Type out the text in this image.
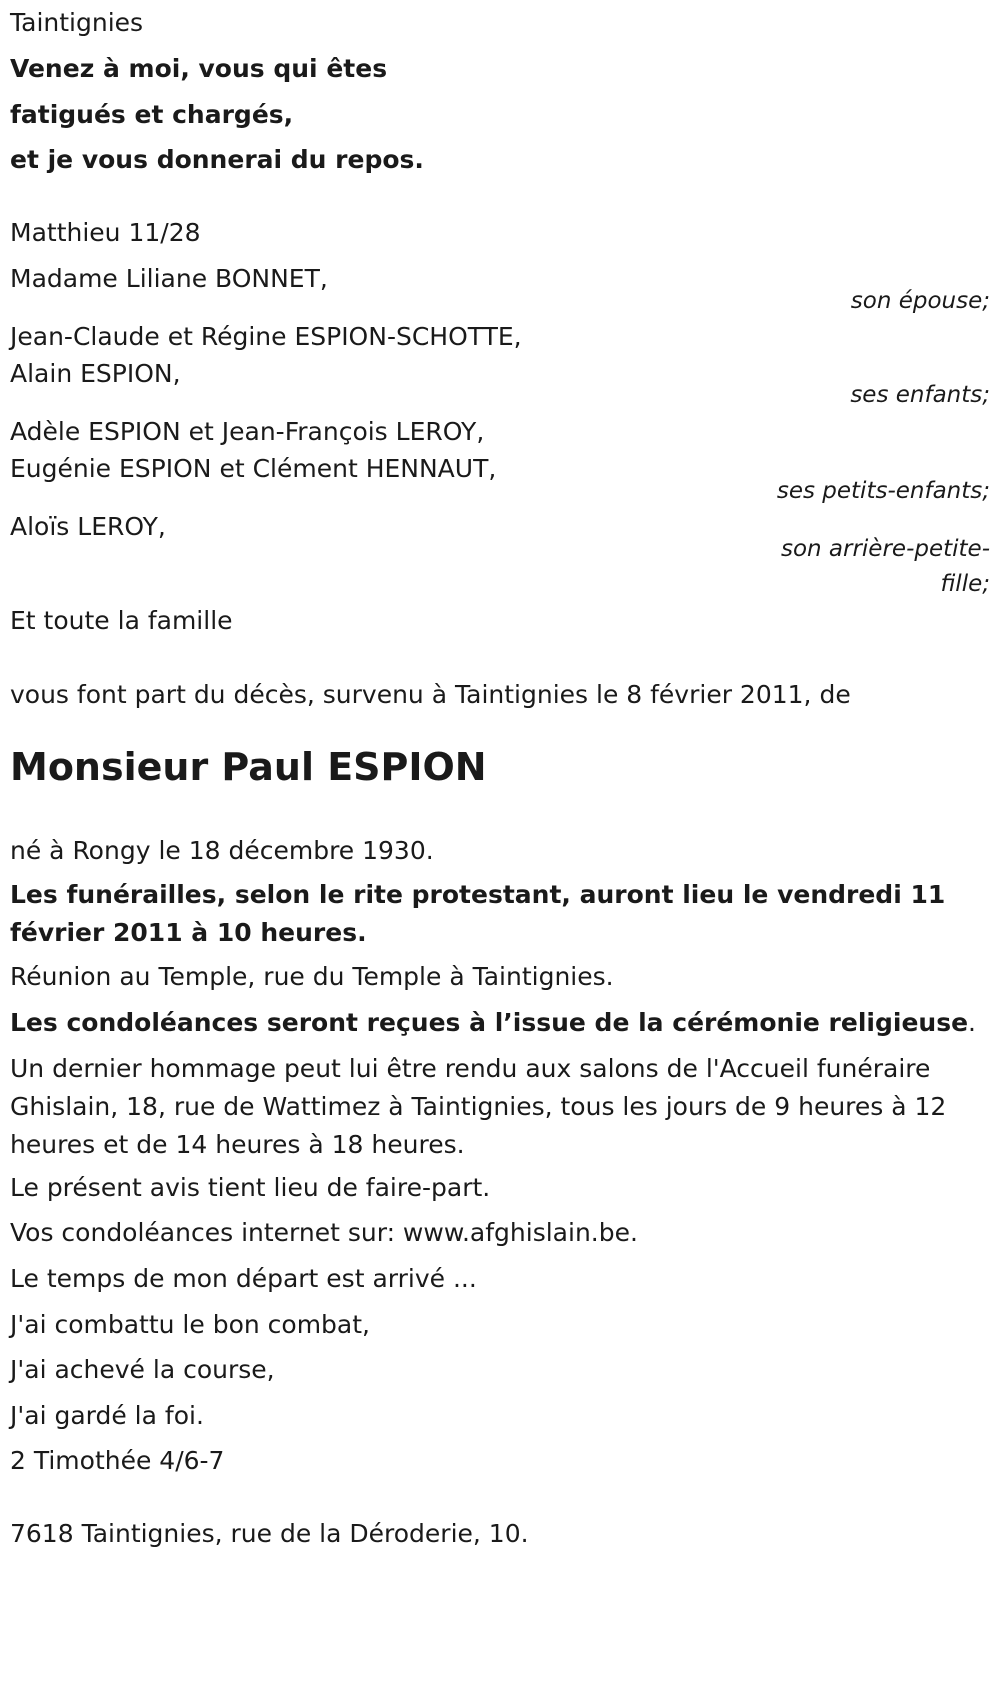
Taintignies
Venez à moi, vous qui êtes
fatigués et chargés,
et je vous donnerai du repos.
Matthieu 11/28
Madame Liliane BONNET,
son épouse;
Jean-Claude et Régine ESPION-SCHOTTE,
Alain ESPION,
ses enfants;
Adèle ESPION et Jean-François LEROY,
Eugénie ESPION et Clément HENNAUT,
ses petits-enfants;
Aloïs LEROY,
son arrière-petite-
fille;
Et toute la famille
vous font part du décès, survenu à Taintignies le 8 février 2011, de
Monsieur Paul ESPION
né à Rongy le 18 décembre 1930.
Les funérailles, selon le rite protestant, auront lieu le vendredi 11 février 2011 à 10 heures.
Réunion au Temple, rue du Temple à Taintignies.
Les condoléances seront reçues à l’issue de la cérémonie religieuse.
Un dernier hommage peut lui être rendu aux salons de l'Accueil funéraire Ghislain, 18, rue de Wattimez à Taintignies, tous les jours de 9 heures à 12 heures et de 14 heures à 18 heures.
Le présent avis tient lieu de faire-part.
Vos condoléances internet sur: www.afghislain.be.
Le temps de mon départ est arrivé ...
J'ai combattu le bon combat,
J'ai achevé la course,
J'ai gardé la foi.
2 Timothée 4/6-7
7618 Taintignies, rue de la Déroderie, 10.
